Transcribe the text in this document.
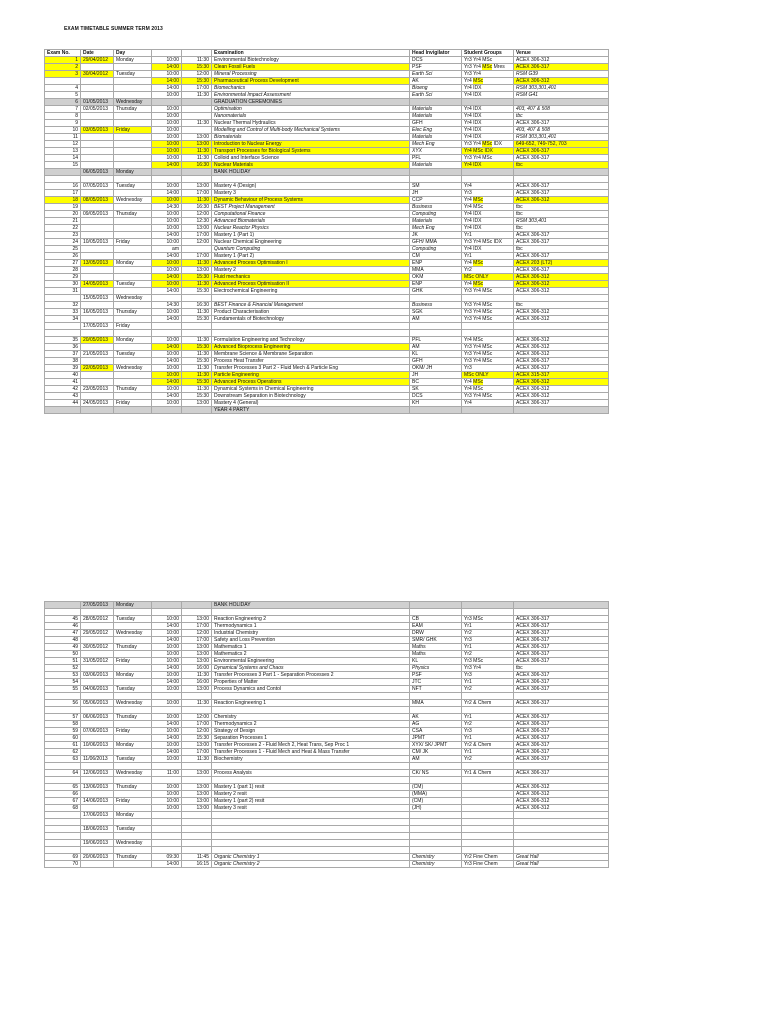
EXAM TIMETABLE SUMMER TERM 2013
Exam No.	Date	Day			Examination	Head Invigilator	Student Groups	Venue
1	29/04/2012	Monday	10:00	11:30	Environmental Biotechnology	DCS	Yr3 Yr4 MSc	ACEX 306-312
2			14:00	15:30	Clean Fossil Fuels	PSF	Yr3 Yr4 MSc Mres	ACEX 306-317
3	30/04/2012	Tuesday	10:00	12:00	Mineral Processing	Earth Sci	Yr3 Yr4	RSM G39
			14:00	15:30	Pharmaceutical Process Development	AK	Yr4 MSc	ACEX 306-312
4			14:00	17:00	Biomechanics	Bioeng	Yr4 IDX	RSM 303,301,401
5			10:00	11:30	Environmental Impact Assessment	Earth Sci	Yr4 IDX	RSM G41
6	01/05/2013	Wednesday			GRADUATION CEREMONIES			
7	02/05/2013	Thursday	10:00		Optimisation	Materials	Yr4 IDX	403, 407 & 508
8			10:00		Nanomaterials	Materials	Yr4 IDX	tbc
9			10:00	11:30	Nuclear Thermal Hydraulics	GFH	Yr4 IDX	ACEX 306-317
10	03/05/2013	Friday	10:00		Modelling and Control of Multi-body Mechanical Systems	Elec Eng	Yr4 IDX	403, 407 & 508
11			10:00	13:00	Biomaterials	Materials	Yr4 IDX	RSM 303,301,401
12			10:00	13:00	Introduction to Nuclear Energy	Mech Eng	Yr3 Yr4 MSc IDX	649-652, 749-752, 703
13			10:00	11:30	Transport Processes for Biological Systems	XYX	Yr4 MSc IDX	ACEX 306-317
14			10:00	11:30	Colloid and Interface Science	PFL	Yr3 Yr4 MSc	ACEX 306-317
15			14:00	16:30	Nuclear Materials	Materials	Yr4 IDX	tbc
	06/05/2013	Monday			BANK HOLIDAY			

16	07/05/2013	Tuesday	10:00	13:00	Mastery 4 (Design)	SM	Yr4	ACEX 306-317
17			14:00	17:00	Mastery 3	JH	Yr3	ACEX 306-317
18	08/05/2013	Wednesday	10:00	11:30	Dynamic Behaviour of Process Systems	CCP	Yr4 MSc	ACEX 306-312
19			14:30	16:30	BEST Project Management	Business	Yr4 MSc	tbc
20	09/05/2013	Thursday	10:00	12:00	Computational Finance	Computing	Yr4 IDX	tbc
21			10:00	12:30	Advanced Biomaterials	Materials	Yr4 IDX	RSM 303,401
22			10:00	13:00	Nuclear Reactor Physics	Mech Eng	Yr4 IDX	tbc
23			14:00	17:00	Mastery 1 (Part 1)	JK	Yr1	ACEX 306-317
24	10/05/2013	Friday	10:00	12:00	Nuclear Chemical Engineering	GFH/ MMA	Yr3 Yr4 MSc IDX	ACEX 306-317
25			am		Quantum Computing	Computing	Yr4 IDX	tbc
26			14:00	17:00	Mastery 1 (Part 2)	CM	Yr1	ACEX 306-317
27	13/05/2013	Monday	10:00	11:30	Advanced Process Optimisation I	ENP	Yr4 MSc	ACEX 203 (LT2)
28			10:00	13:00	Mastery 2	MMA	Yr2	ACEX 306-317
29			14:00	15:30	Fluid mechanics	OKM	MSc ONLY	ACEX 306-312
30	14/05/2013	Tuesday	10:00	11:30	Advanced Process Optimisation II	ENP	Yr4 MSc	ACEX 306-312
31			14:00	15:30	Electrochemical Engineering	GHK	Yr3 Yr4 MSc	ACEX 306-312
	15/05/2013	Wednesday						
32			14:30	16:30	BEST Finance & Financial Management	Business	Yr3 Yr4 MSc	tbc
33	16/05/2013	Thursday	10:00	11:30	Product Characterisation	SGK	Yr3 Yr4 MSc	ACEX 306-312
34			14:00	15:30	Fundamentals of Biotechnology	AM	Yr3 Yr4 MSc	ACEX 306-312
	17/05/2013	Friday						

35	20/05/2013	Monday	10:00	11:30	Formulation Engineering and Technology	PFL	Yr4 MSc	ACEX 306-312
36			14:00	15:30	Advanced Bioprocess Engineering	AM	Yr3 Yr4 MSc	ACEX 306-312
37	21/05/2013	Tuesday	10:00	11:30	Membrane Science & Membrane Separation	KL	Yr3 Yr4 MSc	ACEX 306-312
38			14:00	15:30	Process Heat Transfer	GFH	Yr3 Yr4 MSc	ACEX 306-317
39	22/05/2013	Wednesday	10:00	11:30	Transfer Processes 3 Part 2 - Fluid Mech & Particle Eng	OKM/ JH	Yr3	ACEX 306-317
40			10:00	11:30	Particle Engineering	JH	MSc ONLY	ACEX 315-317
41			14:00	15:30	Advanced Process Operations	BC	Yr4 MSc	ACEX 306-312
42	23/05/2013	Thursday	10:00	11:30	Dynamical Systems in Chemical Engineering	SK	Yr4 MSc	ACEX 306-312
43			14:00	15:30	Downstream Separation in Biotechnology	DCS	Yr3 Yr4 MSc	ACEX 306-312
44	24/05/2013	Friday	10:00	13:00	Mastery 4 (General)	KH	Yr4	ACEX 306-317
					YEAR 4 PARTY			
	27/05/2013	Monday			BANK HOLIDAY			

45	28/05/2012	Tuesday	10:00	13:00	Reaction Engineering 2	CB	Yr3 MSc	ACEX 306-317
46			14:00	17:00	Thermodynamics 1	EAM	Yr1	ACEX 306-317
47	29/05/2012	Wednesday	10:00	12:00	Industrial Chemistry	DRW	Yr2	ACEX 306-317
48			14:00	17:00	Safety and Loss Prevention	SMR/ GHK	Yr3	ACEX 306-317
49	30/05/2012	Thursday	10:00	13:00	Mathematics 1	Maths	Yr1	ACEX 306-317
50			10:00	13:00	Mathematics 2	Maths	Yr2	ACEX 306-317
51	31/05/2012	Friday	10:00	13:00	Environmental Engineering	KL	Yr3 MSc	ACEX 306-317
52			14:00	16:00	Dynamical Systems and Chaos	Physics	Yr3 Yr4	tbc
53	03/06/2013	Monday	10:00	11:30	Transfer Processes 3 Part 1 - Separation Processes 2	PSF	Yr3	ACEX 306-317
54			14:00	16:00	Properties of Matter	JTC	Yr1	ACEX 306-317
55	04/06/2013	Tuesday	10:00	13:00	Process Dynamics and Contol	NFT	Yr2	ACEX 306-317

56	05/06/2013	Wednesday	10:00	11:30	Reaction Engineering 1	MMA	Yr2 & Chem	ACEX 306-317

57	06/06/2013	Thursday	10:00	12:00	Chemistry	AK	Yr1	ACEX 306-317
58			14:00	17:00	Thermodynamics 2	AG	Yr2	ACEX 306-317
59	07/06/2013	Friday	10:00	12:00	Strategy of Design	CSA	Yr3	ACEX 306-317
60			14:00	15:30	Separation Processes 1	JPMT	Yr1	ACEX 306-317
61	10/06/2013	Monday	10:00	13:00	Transfer Processes 2 - Fluid Mech 2, Heat Trans, Sep Proc 1	XYX/ SK/ JPMT	Yr2 & Chem	ACEX 306-317
62			14:00	17:00	Transfer Processes 1 - Fluid Mech and Heat & Mass Transfer	CM/ JK	Yr1	ACEX 306-317
63	11/06/2013	Tuesday	10:00	11:30	Biochemistry	AM	Yr2	ACEX 306-317

64	12/06/2013	Wednesday	11:00	13:00	Process Analysis	CK/ NS	Yr1 & Chem	ACEX 306-317

65	13/06/2013	Thursday	10:00	13:00	Mastery 1 (part 1) resit	(CM)		ACEX 306-312
66			10:00	13:00	Mastery 2 resit	(MMA)		ACEX 306-312
67	14/06/2013	Friday	10:00	13:00	Mastery 1 (part 2) resit	(CM)		ACEX 306-312
68			10:00	13:00	Mastery 3 resit	(JH)		ACEX 306-312
	17/06/2013	Monday						

	18/06/2013	Tuesday						

	19/06/2013	Wednesday						

69	20/06/2013	Thursday	09:30	11:45	Organic Chemistry 1	Chemistry	Yr2 Fine Chem	Great Hall
70			14:00	16:15	Organic Chemistry 2	Chemistry	Yr3 Fine Chem	Great Hall
